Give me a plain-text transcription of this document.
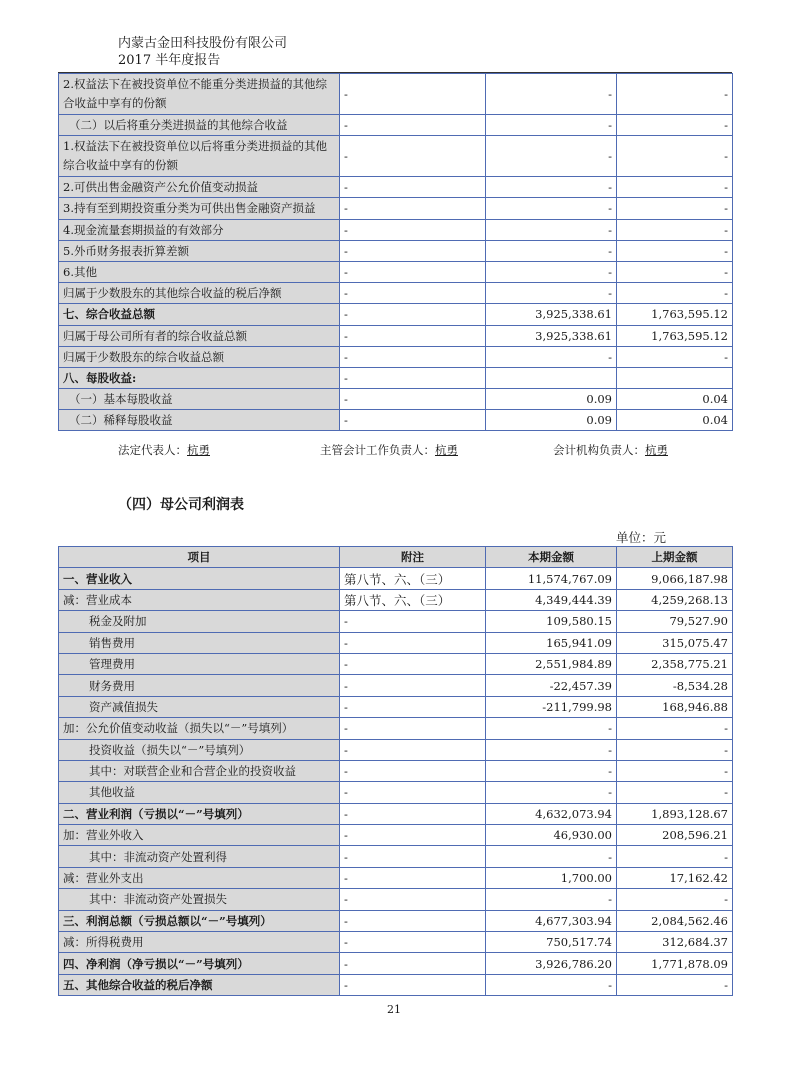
内蒙古金田科技股份有限公司
2017 半年度报告
2.权益法下在被投资单位不能重分类进损益的其他综合收益中享有的份额	-	-	-
（二）以后将重分类进损益的其他综合收益	-	-	-
1.权益法下在被投资单位以后将重分类进损益的其他综合收益中享有的份额	-	-	-
2.可供出售金融资产公允价值变动损益	-	-	-
3.持有至到期投资重分类为可供出售金融资产损益	-	-	-
4.现金流量套期损益的有效部分	-	-	-
5.外币财务报表折算差额	-	-	-
6.其他	-	-	-
归属于少数股东的其他综合收益的税后净额	-	-	-
七、综合收益总额	-	3,925,338.61	1,763,595.12
归属于母公司所有者的综合收益总额	-	3,925,338.61	1,763,595.12
归属于少数股东的综合收益总额	-	-	-
八、每股收益:	-		
（一）基本每股收益	-	0.09	0.04
（二）稀释每股收益	-	0.09	0.04
法定代表人：杭勇	主管会计工作负责人：杭勇	会计机构负责人：杭勇
（四）母公司利润表
单位：元
项目	附注	本期金额	上期金额
一、营业收入	第八节、六、（三）	11,574,767.09	9,066,187.98
减：营业成本	第八节、六、（三）	4,349,444.39	4,259,268.13
税金及附加	-	109,580.15	79,527.90
销售费用	-	165,941.09	315,075.47
管理费用	-	2,551,984.89	2,358,775.21
财务费用	-	-22,457.39	-8,534.28
资产减值损失	-	-211,799.98	168,946.88
加：公允价值变动收益（损失以“－”号填列）	-	-	-
投资收益（损失以“－”号填列）	-	-	-
其中：对联营企业和合营企业的投资收益	-	-	-
其他收益	-	-	-
二、营业利润（亏损以“－”号填列）	-	4,632,073.94	1,893,128.67
加：营业外收入	-	46,930.00	208,596.21
其中：非流动资产处置利得	-	-	-
减：营业外支出	-	1,700.00	17,162.42
其中：非流动资产处置损失	-	-	-
三、利润总额（亏损总额以“－”号填列）	-	4,677,303.94	2,084,562.46
减：所得税费用	-	750,517.74	312,684.37
四、净利润（净亏损以“－”号填列）	-	3,926,786.20	1,771,878.09
五、其他综合收益的税后净额	-	-	-
21
